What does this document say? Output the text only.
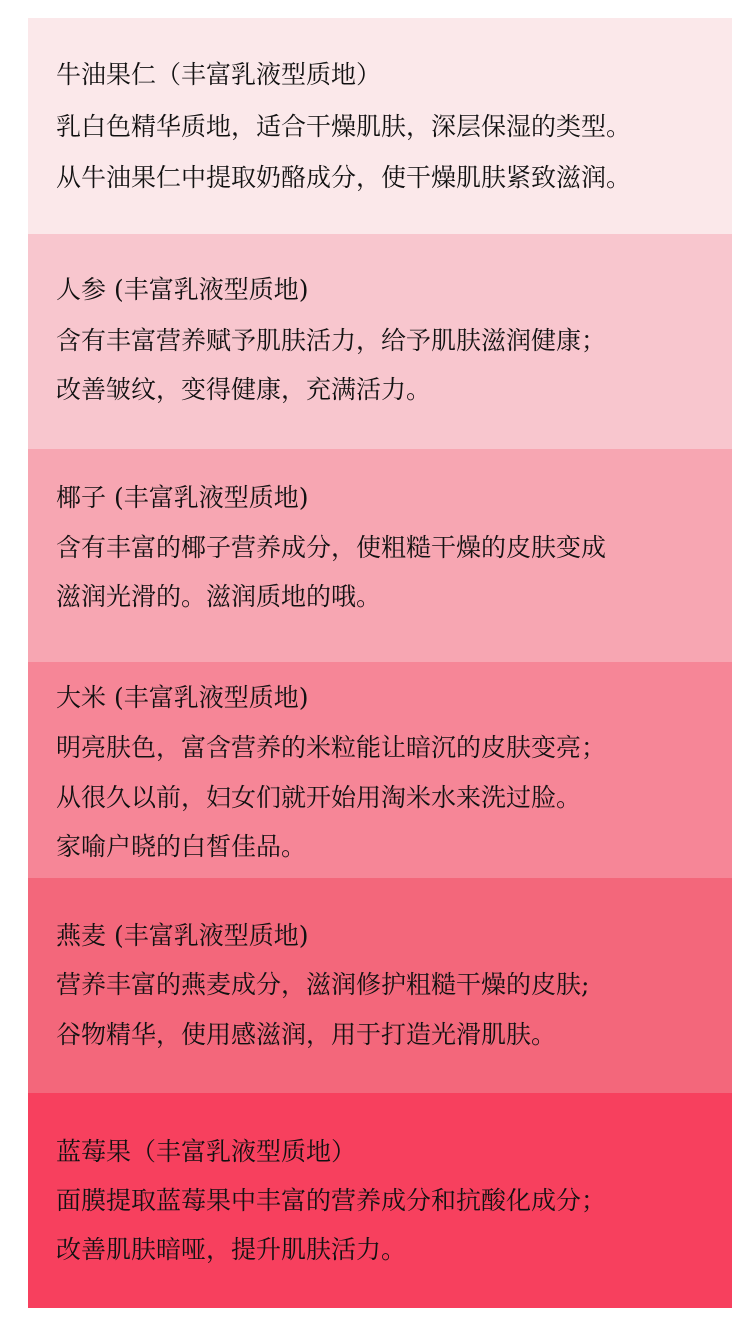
牛油果仁（丰富乳液型质地）
乳白色精华质地，适合干燥肌肤，深层保湿的类型。
从牛油果仁中提取奶酪成分，使干燥肌肤紧致滋润。
人参 (丰富乳液型质地)
含有丰富营养赋予肌肤活力，给予肌肤滋润健康；
改善皱纹，变得健康，充满活力。
椰子 (丰富乳液型质地)
含有丰富的椰子营养成分，使粗糙干燥的皮肤变成
滋润光滑的。滋润质地的哦。
大米 (丰富乳液型质地)
明亮肤色，富含营养的米粒能让暗沉的皮肤变亮；
从很久以前，妇女们就开始用淘米水来洗过脸。
家喻户晓的白皙佳品。
燕麦 (丰富乳液型质地)
营养丰富的燕麦成分，滋润修护粗糙干燥的皮肤;
谷物精华，使用感滋润，用于打造光滑肌肤。
蓝莓果（丰富乳液型质地）
面膜提取蓝莓果中丰富的营养成分和抗酸化成分；
改善肌肤暗哑，提升肌肤活力。
